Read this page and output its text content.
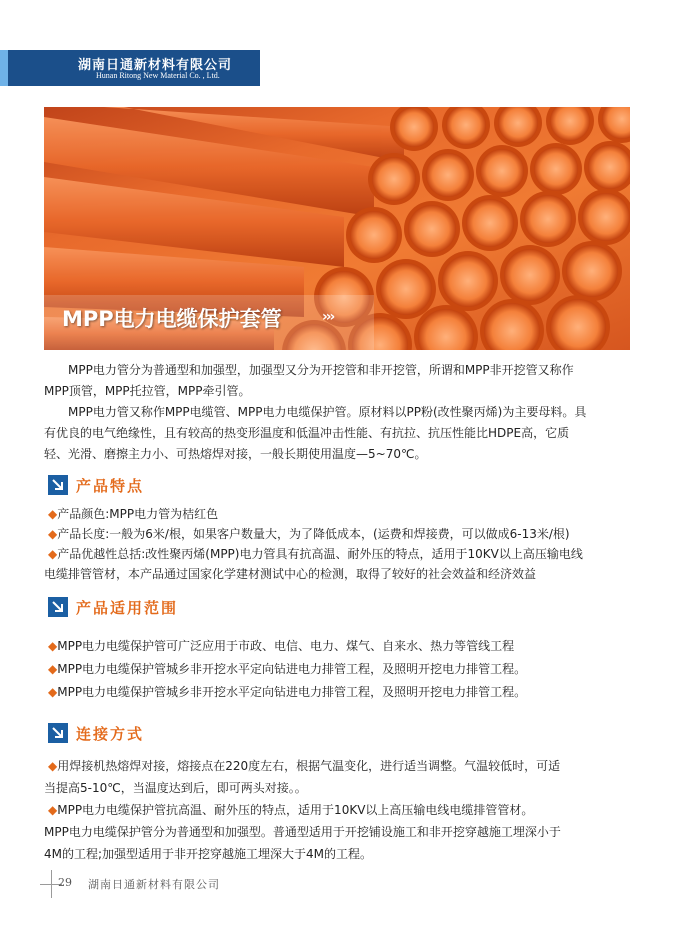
湖南日通新材料有限公司
Hunan Ritong New Material Co. , Ltd.
MPP电力电缆保护套管	›››
MPP电力管分为普通型和加强型，加强型又分为开挖管和非开挖管，所谓和MPP非开挖管又称作
MPP顶管，MPP托拉管，MPP牵引管。
MPP电力管又称作MPP电缆管、MPP电力电缆保护管。原材料以PP粉(改性聚丙烯)为主要母料。具
有优良的电气绝缘性，且有较高的热变形温度和低温冲击性能、有抗拉、抗压性能比HDPE高，它质
轻、光滑、磨擦主力小、可热熔焊对接，一般长期使用温度—5~70℃。
产品特点
◆产品颜色:MPP电力管为桔红色
◆产品长度:一般为6米/根，如果客户数量大，为了降低成本，(运费和焊接费，可以做成6-13米/根)
◆产品优越性总括:改性聚丙烯(MPP)电力管具有抗高温、耐外压的特点，适用于10KV以上高压输电线
电缆排管管材，本产品通过国家化学建材测试中心的检测，取得了较好的社会效益和经济效益
产品适用范围
◆MPP电力电缆保护管可广泛应用于市政、电信、电力、煤气、自来水、热力等管线工程
◆MPP电力电缆保护管城乡非开挖水平定向钻进电力排管工程，及照明开挖电力排管工程。
◆MPP电力电缆保护管城乡非开挖水平定向钻进电力排管工程，及照明开挖电力排管工程。
连接方式
◆用焊接机热熔焊对接，熔接点在220度左右，根据气温变化，进行适当调整。气温较低时，可适
当提高5-10℃，当温度达到后，即可两头对接。。
◆MPP电力电缆保护管抗高温、耐外压的特点，适用于10KV以上高压输电线电缆排管管材。
MPP电力电缆保护管分为普通型和加强型。普通型适用于开挖铺设施工和非开挖穿越施工埋深小于
4M的工程;加强型适用于非开挖穿越施工埋深大于4M的工程。
29 湖南日通新材料有限公司
